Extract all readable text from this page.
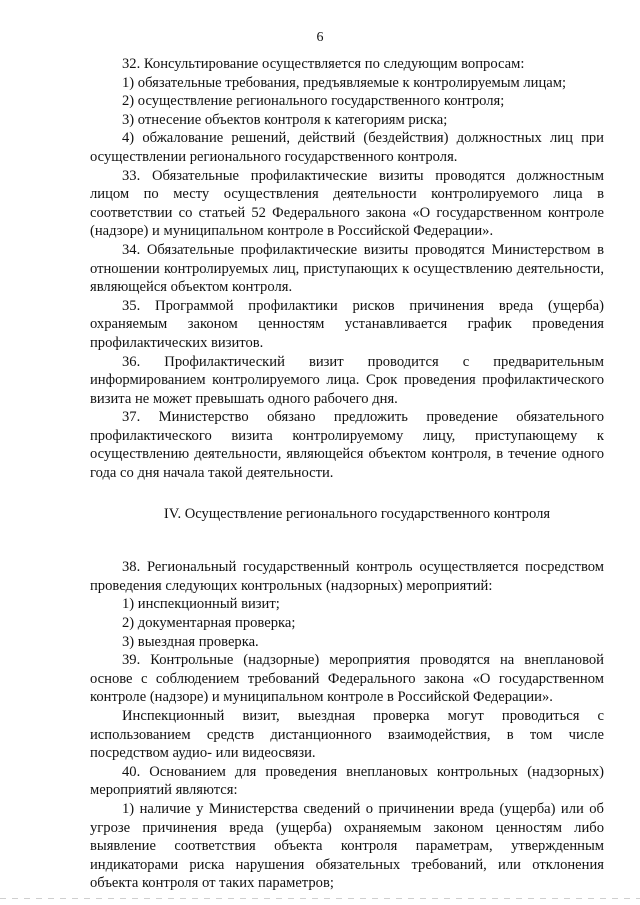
6

32. Консультирование осуществляется по следующим вопросам:

1) обязательные требования, предъявляемые к контролируемым лицам;

2) осуществление регионального государственного контроля;

3) отнесение объектов контроля к категориям риска;

4) обжалование решений, действий (бездействия) должностных лиц при осуществлении регионального государственного контроля.

33. Обязательные профилактические визиты проводятся должностным лицом по месту осуществления деятельности контролируемого лица в соответствии со статьей 52 Федерального закона «О государственном контроле (надзоре) и муниципальном контроле в Российской Федерации».

34. Обязательные профилактические визиты проводятся Министерством в отношении контролируемых лиц, приступающих к осуществлению деятельности, являющейся объектом контроля.

35. Программой профилактики рисков причинения вреда (ущерба) охраняемым законом ценностям устанавливается график проведения профилактических визитов.

36. Профилактический визит проводится с предварительным информированием контролируемого лица. Срок проведения профилактического визита не может превышать одного рабочего дня.

37. Министерство обязано предложить проведение обязательного профилактического визита контролируемому лицу, приступающему к осуществлению деятельности, являющейся объектом контроля, в течение одного года со дня начала такой деятельности.

IV. Осуществление регионального государственного контроля

38. Региональный государственный контроль осуществляется посредством проведения следующих контрольных (надзорных) мероприятий:

1) инспекционный визит;

2) документарная проверка;

3) выездная проверка.

39. Контрольные (надзорные) мероприятия проводятся на внеплановой основе с соблюдением требований Федерального закона «О государственном контроле (надзоре) и муниципальном контроле в Российской Федерации».

Инспекционный визит, выездная проверка могут проводиться с использованием средств дистанционного взаимодействия, в том числе посредством аудио- или видеосвязи.

40. Основанием для проведения внеплановых контрольных (надзорных) мероприятий являются:

1) наличие у Министерства сведений о причинении вреда (ущерба) или об угрозе причинения вреда (ущерба) охраняемым законом ценностям либо выявление соответствия объекта контроля параметрам, утвержденным индикаторами риска нарушения обязательных требований, или отклонения объекта контроля от таких параметров;
